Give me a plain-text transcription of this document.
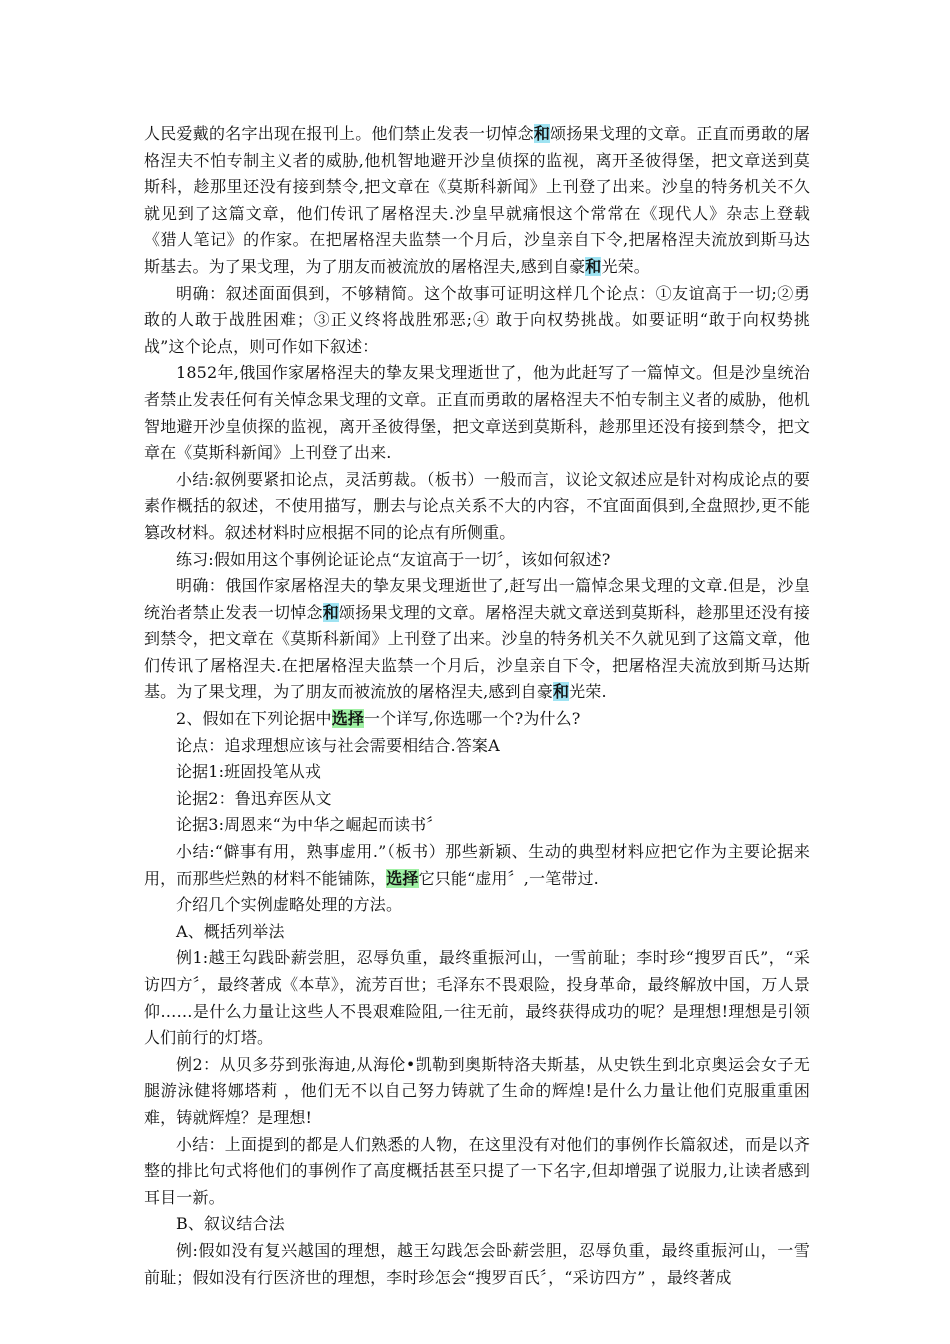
人民爱戴的名字出现在报刊上。他们禁止发表一切悼念和颂扬果戈理的文章。正直而勇敢的屠格涅夫不怕专制主义者的威胁,他机智地避开沙皇侦探的监视，离开圣彼得堡，把文章送到莫斯科，趁那里还没有接到禁令,把文章在《莫斯科新闻》上刊登了出来。沙皇的特务机关不久就见到了这篇文章，他们传讯了屠格涅夫.沙皇早就痛恨这个常常在《现代人》杂志上登载《猎人笔记》的作家。在把屠格涅夫监禁一个月后，沙皇亲自下令,把屠格涅夫流放到斯马达斯基去。为了果戈理，为了朋友而被流放的屠格涅夫,感到自豪和光荣。

明确：叙述面面俱到，不够精简。这个故事可证明这样几个论点：①友谊高于一切;②勇敢的人敢于战胜困难；③正义终将战胜邪恶;④ 敢于向权势挑战。如要证明“敢于向权势挑战”这个论点，则可作如下叙述：

1852年,俄国作家屠格涅夫的挚友果戈理逝世了，他为此赶写了一篇悼文。但是沙皇统治者禁止发表任何有关悼念果戈理的文章。正直而勇敢的屠格涅夫不怕专制主义者的威胁，他机智地避开沙皇侦探的监视，离开圣彼得堡，把文章送到莫斯科，趁那里还没有接到禁令，把文章在《莫斯科新闻》上刊登了出来.

小结:叙例要紧扣论点，灵活剪裁。（板书）一般而言，议论文叙述应是针对构成论点的要素作概括的叙述，不使用描写，删去与论点关系不大的内容，不宜面面俱到,全盘照抄,更不能篡改材料。叙述材料时应根据不同的论点有所侧重。

练习:假如用这个事例论证论点“友谊高于一切〞，该如何叙述?

明确：俄国作家屠格涅夫的挚友果戈理逝世了,赶写出一篇悼念果戈理的文章.但是，沙皇统治者禁止发表一切悼念和颂扬果戈理的文章。屠格涅夫就文章送到莫斯科，趁那里还没有接到禁令，把文章在《莫斯科新闻》上刊登了出来。沙皇的特务机关不久就见到了这篇文章，他们传讯了屠格涅夫.在把屠格涅夫监禁一个月后，沙皇亲自下令，把屠格涅夫流放到斯马达斯基。为了果戈理，为了朋友而被流放的屠格涅夫,感到自豪和光荣.

2、假如在下列论据中选择一个详写,你选哪一个?为什么?

论点：追求理想应该与社会需要相结合.答案A

论据1:班固投笔从戎

论据2：鲁迅弃医从文

论据3:周恩来“为中华之崛起而读书〞

小结:“僻事有用，熟事虚用.”（板书）那些新颖、生动的典型材料应把它作为主要论据来用，而那些烂熟的材料不能铺陈，选择它只能“虚用〞,一笔带过.

介绍几个实例虚略处理的方法。

A、概括列举法

例1:越王勾践卧薪尝胆，忍辱负重，最终重振河山，一雪前耻；李时珍“搜罗百氏”，“采访四方〞，最终著成《本草》，流芳百世；毛泽东不畏艰险，投身革命，最终解放中国，万人景仰……是什么力量让这些人不畏艰难险阻,一往无前，最终获得成功的呢？是理想!理想是引领人们前行的灯塔。

例2：从贝多芬到张海迪,从海伦•凯勒到奥斯特洛夫斯基，从史铁生到北京奥运会女子无腿游泳健将娜塔莉 ，他们无不以自己努力铸就了生命的辉煌!是什么力量让他们克服重重困难，铸就辉煌？是理想!

小结：上面提到的都是人们熟悉的人物，在这里没有对他们的事例作长篇叙述，而是以齐整的排比句式将他们的事例作了高度概括甚至只提了一下名字,但却增强了说服力,让读者感到耳目一新。

B、叙议结合法

例:假如没有复兴越国的理想，越王勾践怎会卧薪尝胆，忍辱负重，最终重振河山，一雪前耻；假如没有行医济世的理想，李时珍怎会“搜罗百氏〞，“采访四方” ，最终著成
